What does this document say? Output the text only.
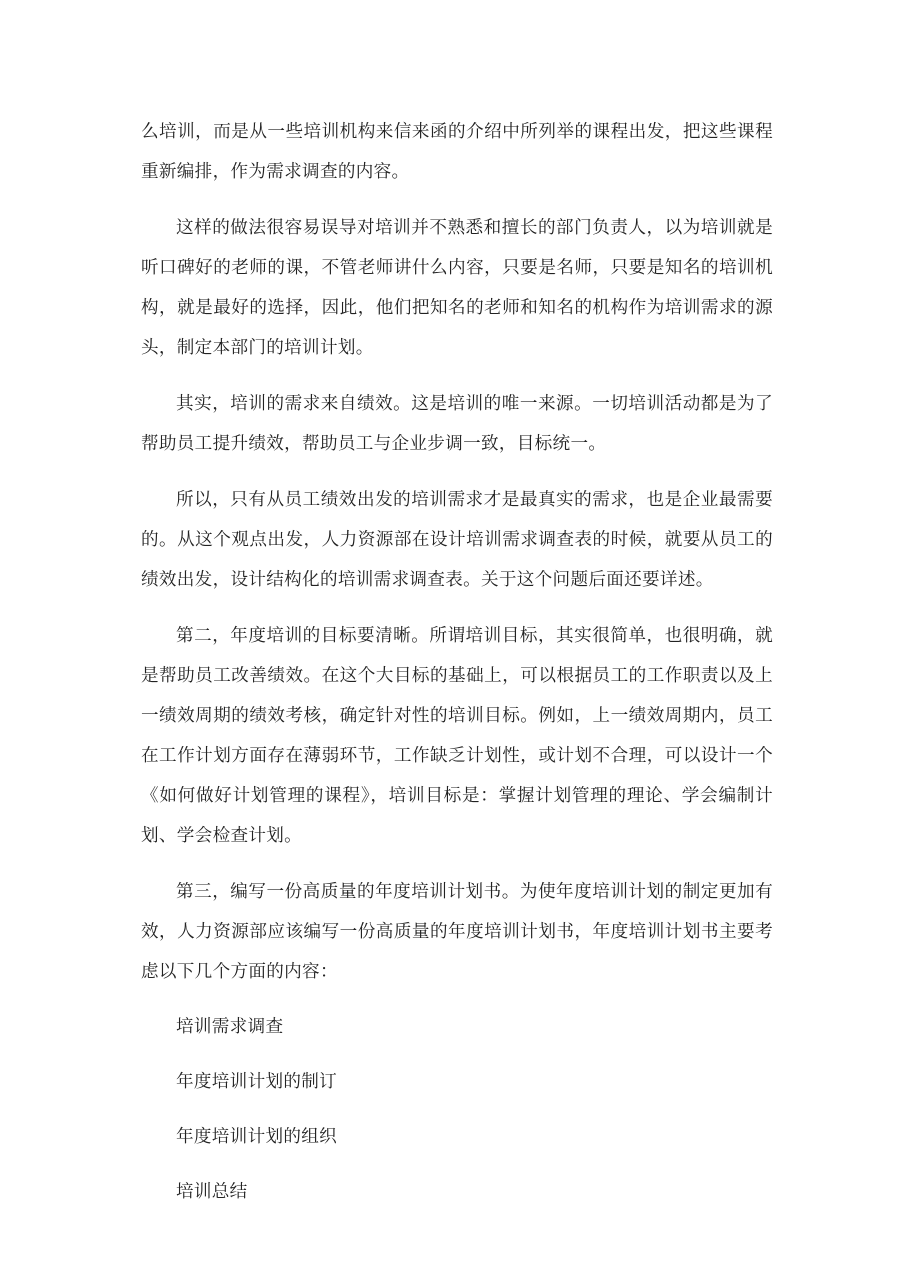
么培训，而是从一些培训机构来信来函的介绍中所列举的课程出发，把这些课程重新编排，作为需求调查的内容。

这样的做法很容易误导对培训并不熟悉和擅长的部门负责人，以为培训就是听口碑好的老师的课，不管老师讲什么内容，只要是名师，只要是知名的培训机构，就是最好的选择，因此，他们把知名的老师和知名的机构作为培训需求的源头，制定本部门的培训计划。

其实，培训的需求来自绩效。这是培训的唯一来源。一切培训活动都是为了帮助员工提升绩效，帮助员工与企业步调一致，目标统一。

所以，只有从员工绩效出发的培训需求才是最真实的需求，也是企业最需要的。从这个观点出发，人力资源部在设计培训需求调查表的时候，就要从员工的绩效出发，设计结构化的培训需求调查表。关于这个问题后面还要详述。

第二，年度培训的目标要清晰。所谓培训目标，其实很简单，也很明确，就是帮助员工改善绩效。在这个大目标的基础上，可以根据员工的工作职责以及上一绩效周期的绩效考核，确定针对性的培训目标。例如，上一绩效周期内，员工在工作计划方面存在薄弱环节，工作缺乏计划性，或计划不合理，可以设计一个《如何做好计划管理的课程》，培训目标是：掌握计划管理的理论、学会编制计划、学会检查计划。

第三，编写一份高质量的年度培训计划书。为使年度培训计划的制定更加有效，人力资源部应该编写一份高质量的年度培训计划书，年度培训计划书主要考虑以下几个方面的内容：

培训需求调查

年度培训计划的制订

年度培训计划的组织

培训总结
